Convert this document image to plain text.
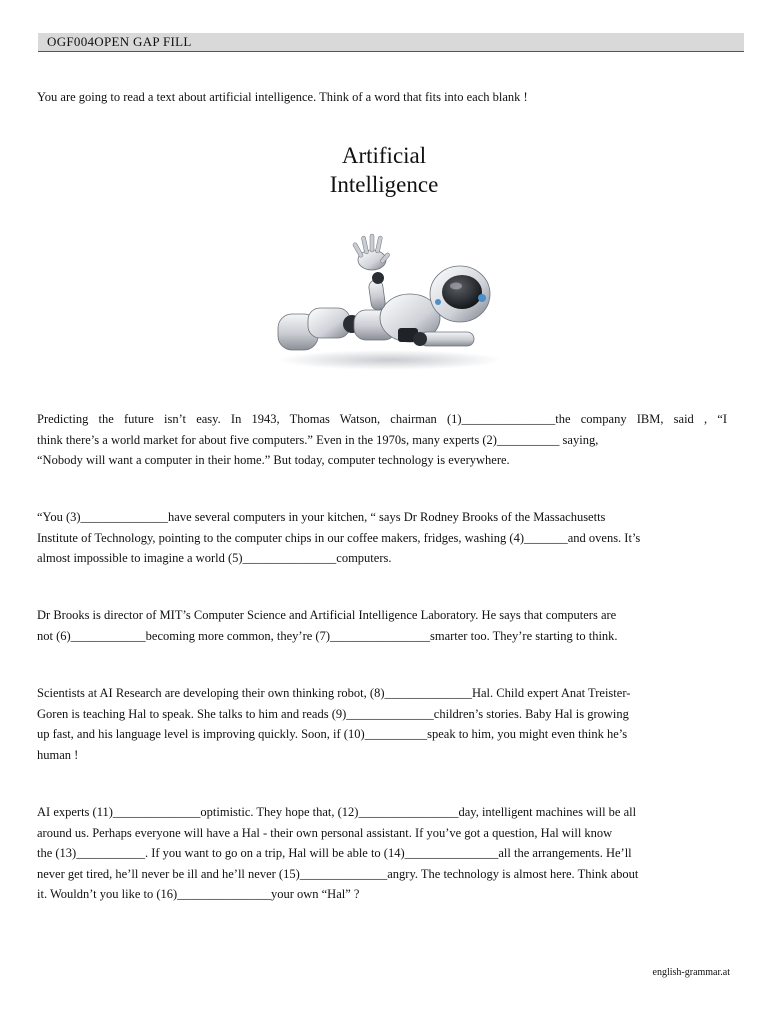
OGF004OPEN GAP FILL
You are going to read a text about artificial intelligence. Think of a word that fits into each blank !
Artificial
Intelligence
Predicting the future isn’t easy. In 1943, Thomas Watson, chairman (1)_______________the company IBM, said , “I
think there’s a world market for about five computers.” Even in the 1970s, many experts (2)__________ saying,
“Nobody will want a computer in their home.” But today, computer technology is everywhere.
“You (3)______________have several computers in your kitchen, “ says Dr Rodney Brooks of the Massachusetts
Institute of Technology, pointing to the computer chips in our coffee makers, fridges, washing (4)_______and ovens. It’s
almost impossible to imagine a world (5)_______________computers.
Dr Brooks is director of MIT’s Computer Science and Artificial Intelligence Laboratory. He says that computers are
not (6)____________becoming more common, they’re (7)________________smarter too. They’re starting to think.
Scientists at AI Research are developing their own thinking robot, (8)______________Hal. Child expert Anat Treister-
Goren is teaching Hal to speak. She talks to him and reads (9)______________children’s stories. Baby Hal is growing
up fast, and his language level is improving quickly. Soon, if (10)__________speak to him, you might even think he’s
human !
AI experts (11)______________optimistic. They hope that, (12)________________day, intelligent machines will be all
around us. Perhaps everyone will have a Hal - their own personal assistant. If you’ve got a question, Hal will know
the (13)___________. If you want to go on a trip, Hal will be able to (14)_______________all the arrangements. He’ll
never get tired, he’ll never be ill and he’ll never (15)______________angry. The technology is almost here. Think about
it. Wouldn’t you like to (16)_______________your own “Hal” ?
english-grammar.at
